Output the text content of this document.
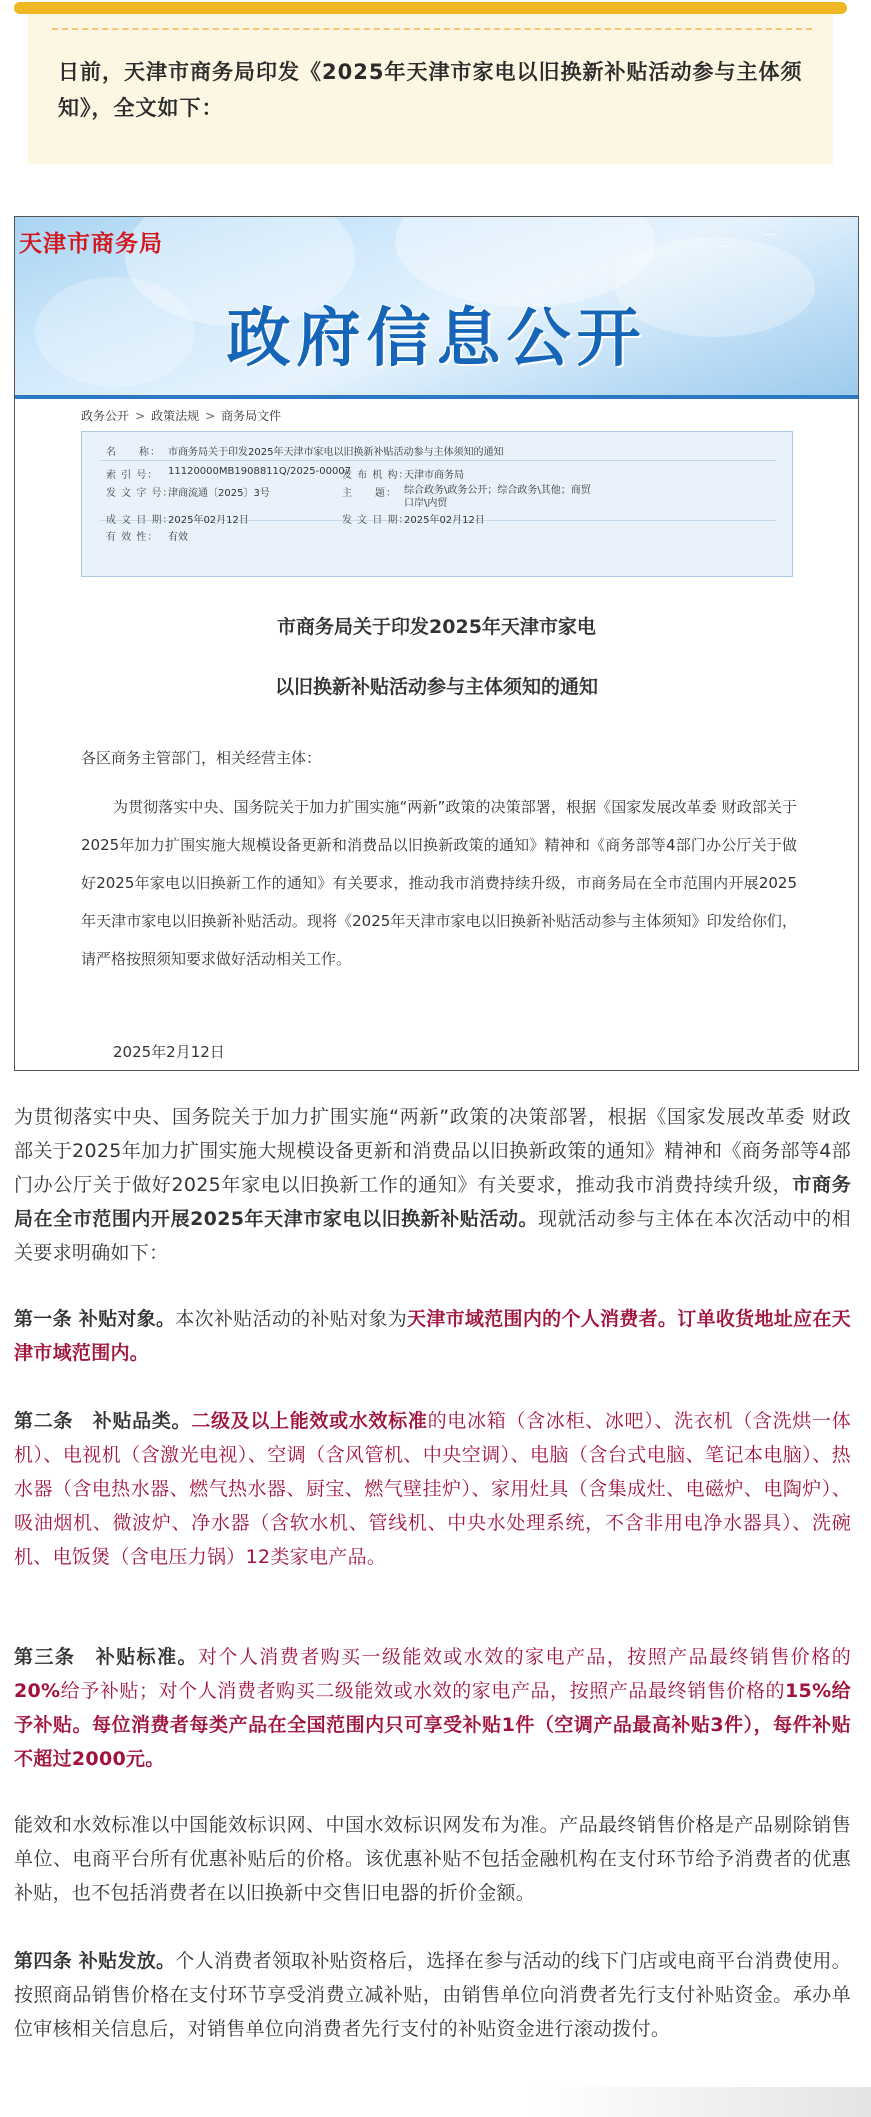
日前，天津市商务局印发《2025年天津市家电以旧换新补贴活动参与主体须知》，全文如下：

⌒
⌒

天津市商务局

政府信息公开

政务公开 > 政策法规 > 商务局文件

名　　称： 市商务局关于印发2025年天津市家电以旧换新补贴活动参与主体须知的通知
索 引 号： 11120000MB1908811Q/2025-00007
发 布 机 构：天津市商务局
发 文 字 号：津商流通〔2025〕3号	主　　题： 综合政务\政务公开；综合政务\其他；商贸口岸\内贸
成 文 日 期：2025年02月12日	发 文 日 期：2025年02月12日
有 效 性： 有效
市商务局关于印发2025年天津市家电
以旧换新补贴活动参与主体须知的通知

各区商务主管部门，相关经营主体：

为贯彻落实中央、国务院关于加力扩围实施“两新”政策的决策部署，根据《国家发展改革委 财政部关于2025年加力扩围实施大规模设备更新和消费品以旧换新政策的通知》精神和《商务部等4部门办公厅关于做好2025年家电以旧换新工作的通知》有关要求，推动我市消费持续升级，市商务局在全市范围内开展2025年天津市家电以旧换新补贴活动。现将《2025年天津市家电以旧换新补贴活动参与主体须知》印发给你们，请严格按照须知要求做好活动相关工作。

2025年2月12日

为贯彻落实中央、国务院关于加力扩围实施“两新”政策的决策部署，根据《国家发展改革委 财政部关于2025年加力扩围实施大规模设备更新和消费品以旧换新政策的通知》精神和《商务部等4部门办公厅关于做好2025年家电以旧换新工作的通知》有关要求，推动我市消费持续升级，市商务局在全市范围内开展2025年天津市家电以旧换新补贴活动。现就活动参与主体在本次活动中的相关要求明确如下：

第一条 补贴对象。本次补贴活动的补贴对象为天津市域范围内的个人消费者。订单收货地址应在天津市域范围内。

第二条　补贴品类。二级及以上能效或水效标准的电冰箱（含冰柜、冰吧）、洗衣机（含洗烘一体机）、电视机（含激光电视）、空调（含风管机、中央空调）、电脑（含台式电脑、笔记本电脑）、热水器（含电热水器、燃气热水器、厨宝、燃气壁挂炉）、家用灶具（含集成灶、电磁炉、电陶炉）、吸油烟机、微波炉、净水器（含软水机、管线机、中央水处理系统，不含非用电净水器具）、洗碗机、电饭煲（含电压力锅）12类家电产品。

第三条　补贴标准。对个人消费者购买一级能效或水效的家电产品，按照产品最终销售价格的20%给予补贴；对个人消费者购买二级能效或水效的家电产品，按照产品最终销售价格的15%给予补贴。每位消费者每类产品在全国范围内只可享受补贴1件（空调产品最高补贴3件），每件补贴不超过2000元。

能效和水效标准以中国能效标识网、中国水效标识网发布为准。产品最终销售价格是产品剔除销售单位、电商平台所有优惠补贴后的价格。该优惠补贴不包括金融机构在支付环节给予消费者的优惠补贴，也不包括消费者在以旧换新中交售旧电器的折价金额。

第四条 补贴发放。个人消费者领取补贴资格后，选择在参与活动的线下门店或电商平台消费使用。按照商品销售价格在支付环节享受消费立减补贴，由销售单位向消费者先行支付补贴资金。承办单位审核相关信息后，对销售单位向消费者先行支付的补贴资金进行滚动拨付。
